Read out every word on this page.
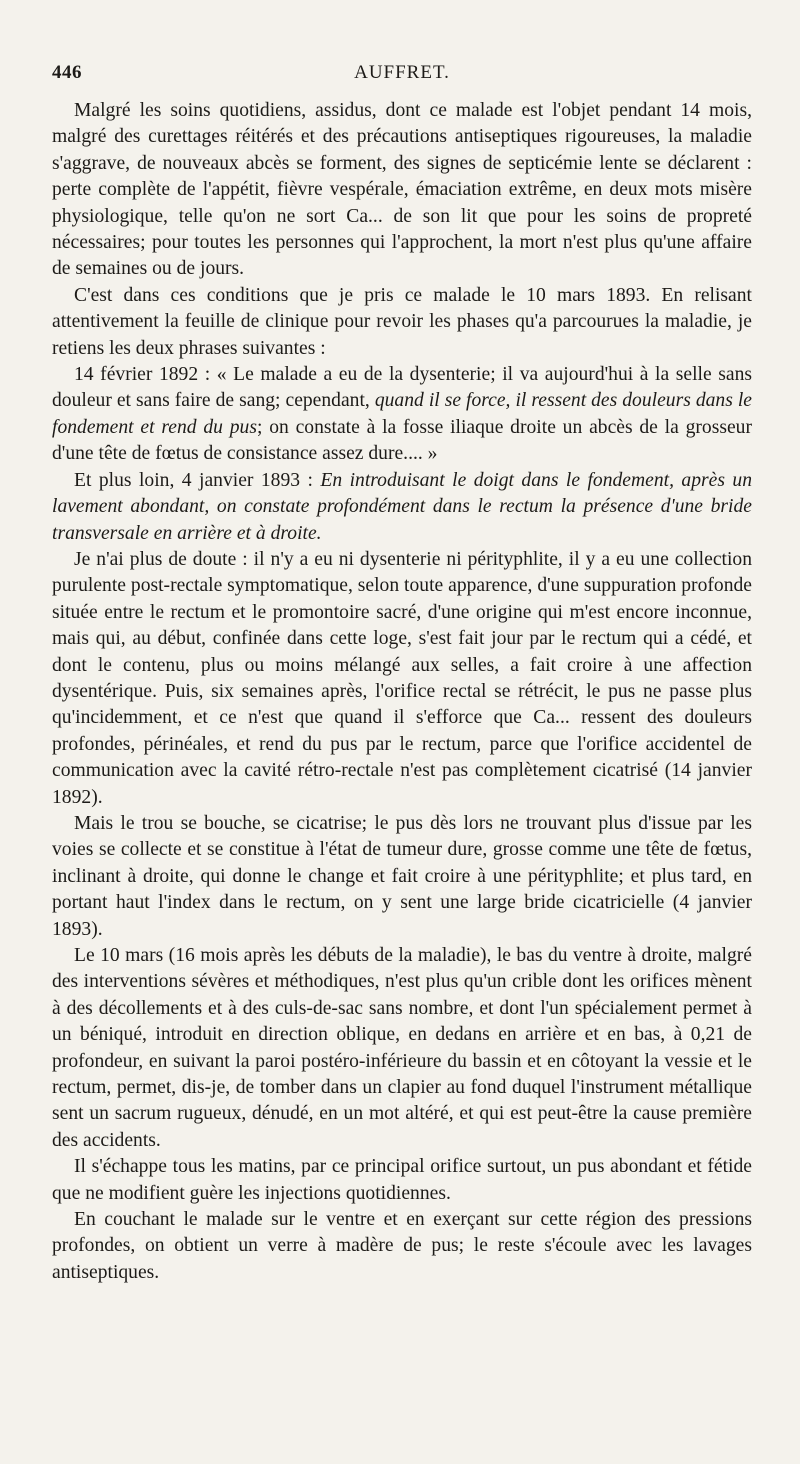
446	AUFFRET.

Malgré les soins quotidiens, assidus, dont ce malade est l'objet pendant 14 mois, malgré des curettages réitérés et des précautions antiseptiques rigoureuses, la maladie s'aggrave, de nouveaux abcès se forment, des signes de septicémie lente se déclarent : perte complète de l'appétit, fièvre vespérale, émaciation extrême, en deux mots misère physiologique, telle qu'on ne sort Ca... de son lit que pour les soins de propreté nécessaires; pour toutes les personnes qui l'approchent, la mort n'est plus qu'une affaire de semaines ou de jours.

C'est dans ces conditions que je pris ce malade le 10 mars 1893. En relisant attentivement la feuille de clinique pour revoir les phases qu'a parcourues la maladie, je retiens les deux phrases suivantes :

14 février 1892 : « Le malade a eu de la dysenterie; il va aujourd'hui à la selle sans douleur et sans faire de sang; cependant, quand il se force, il ressent des douleurs dans le fondement et rend du pus; on constate à la fosse iliaque droite un abcès de la grosseur d'une tête de fœtus de consistance assez dure.... »

Et plus loin, 4 janvier 1893 : En introduisant le doigt dans le fondement, après un lavement abondant, on constate profondément dans le rectum la présence d'une bride transversale en arrière et à droite.

Je n'ai plus de doute : il n'y a eu ni dysenterie ni pérityphlite, il y a eu une collection purulente post-rectale symptomatique, selon toute apparence, d'une suppuration profonde située entre le rectum et le promontoire sacré, d'une origine qui m'est encore inconnue, mais qui, au début, confinée dans cette loge, s'est fait jour par le rectum qui a cédé, et dont le contenu, plus ou moins mélangé aux selles, a fait croire à une affection dysentérique. Puis, six semaines après, l'orifice rectal se rétrécit, le pus ne passe plus qu'incidemment, et ce n'est que quand il s'efforce que Ca... ressent des douleurs profondes, périnéales, et rend du pus par le rectum, parce que l'orifice accidentel de communication avec la cavité rétro-rectale n'est pas complètement cicatrisé (14 janvier 1892).

Mais le trou se bouche, se cicatrise; le pus dès lors ne trouvant plus d'issue par les voies se collecte et se constitue à l'état de tumeur dure, grosse comme une tête de fœtus, inclinant à droite, qui donne le change et fait croire à une pérityphlite; et plus tard, en portant haut l'index dans le rectum, on y sent une large bride cicatricielle (4 janvier 1893).

Le 10 mars (16 mois après les débuts de la maladie), le bas du ventre à droite, malgré des interventions sévères et méthodiques, n'est plus qu'un crible dont les orifices mènent à des décollements et à des culs-de-sac sans nombre, et dont l'un spécialement permet à un béniqué, introduit en direction oblique, en dedans en arrière et en bas, à 0,21 de profondeur, en suivant la paroi postéro-inférieure du bassin et en côtoyant la vessie et le rectum, permet, dis-je, de tomber dans un clapier au fond duquel l'instrument métallique sent un sacrum rugueux, dénudé, en un mot altéré, et qui est peut-être la cause première des accidents.

Il s'échappe tous les matins, par ce principal orifice surtout, un pus abondant et fétide que ne modifient guère les injections quotidiennes.

En couchant le malade sur le ventre et en exerçant sur cette région des pressions profondes, on obtient un verre à madère de pus; le reste s'écoule avec les lavages antiseptiques.
